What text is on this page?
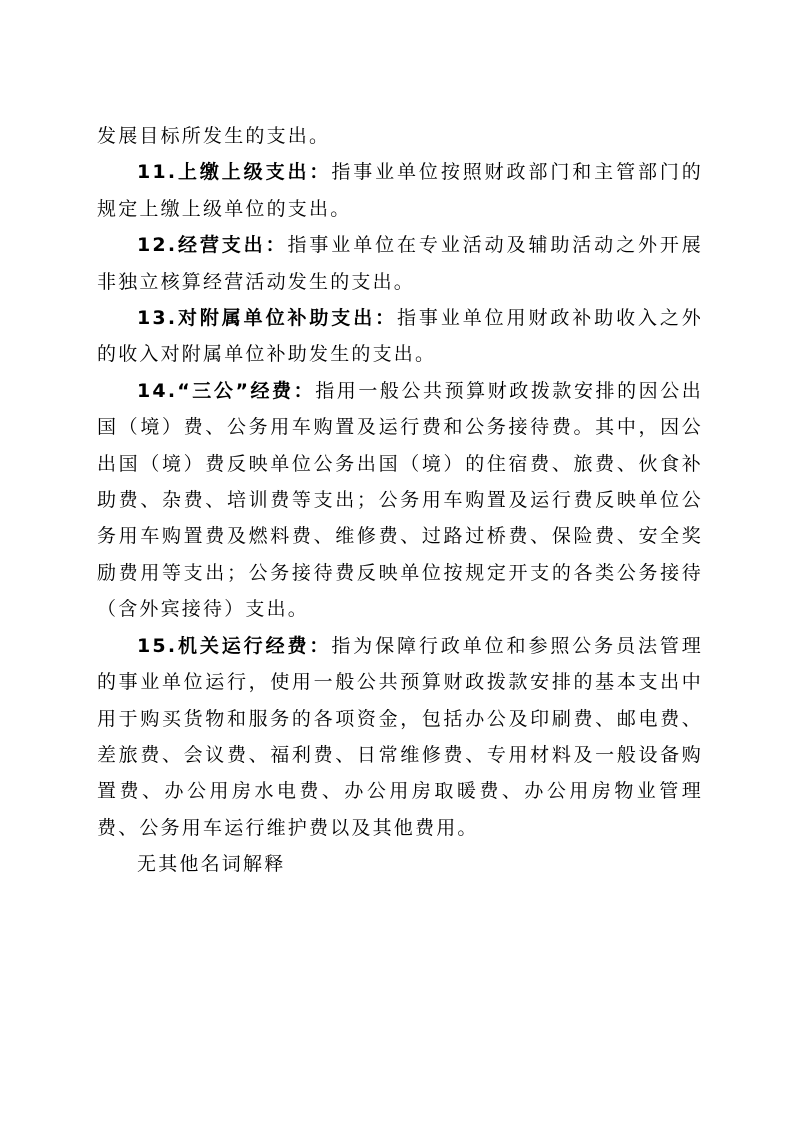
发展目标所发生的支出。

11.上缴上级支出：指事业单位按照财政部门和主管部门的规定上缴上级单位的支出。

12.经营支出：指事业单位在专业活动及辅助活动之外开展非独立核算经营活动发生的支出。

13.对附属单位补助支出：指事业单位用财政补助收入之外的收入对附属单位补助发生的支出。

14.“三公”经费：指用一般公共预算财政拨款安排的因公出国（境）费、公务用车购置及运行费和公务接待费。其中，因公出国（境）费反映单位公务出国（境）的住宿费、旅费、伙食补助费、杂费、培训费等支出；公务用车购置及运行费反映单位公务用车购置费及燃料费、维修费、过路过桥费、保险费、安全奖励费用等支出；公务接待费反映单位按规定开支的各类公务接待（含外宾接待）支出。

15.机关运行经费：指为保障行政单位和参照公务员法管理的事业单位运行，使用一般公共预算财政拨款安排的基本支出中用于购买货物和服务的各项资金，包括办公及印刷费、邮电费、差旅费、会议费、福利费、日常维修费、专用材料及一般设备购置费、办公用房水电费、办公用房取暖费、办公用房物业管理费、公务用车运行维护费以及其他费用。

无其他名词解释
